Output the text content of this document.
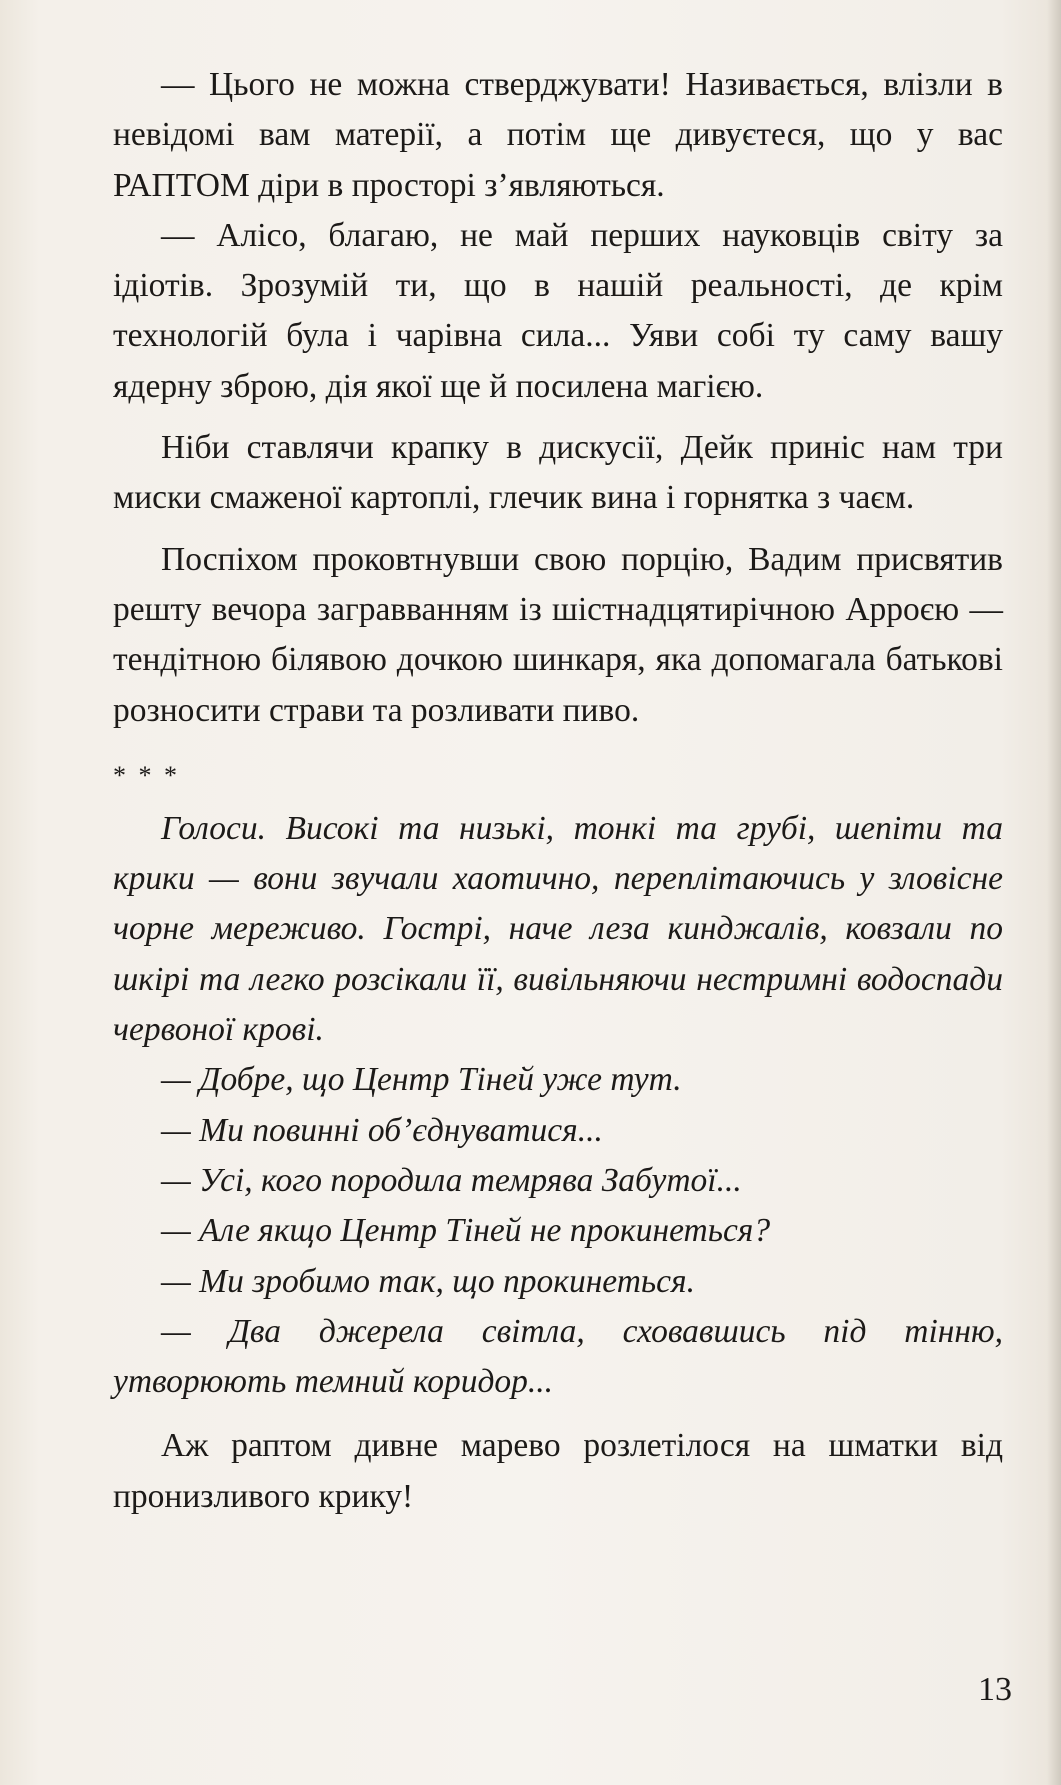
— Цього не можна стверджувати! Називається, влізли в невідомі вам матерії, а потім ще дивуєтеся, що у вас РАПТОМ діри в просторі з’являються.

— Алісо, благаю, не май перших науковців світу за ідіотів. Зрозумій ти, що в нашій реальності, де крім технологій була і чарівна сила... Уяви собі ту саму вашу ядерну зброю, дія якої ще й посилена магією.

Ніби ставлячи крапку в дискусії, Дейк приніс нам три миски смаженої картоплі, глечик вина і горнятка з чаєм.

Поспіхом проковтнувши свою порцію, Вадим присвятив решту вечора загравванням із шістнадцятирічною Арроєю — тендітною білявою дочкою шинкаря, яка допомагала батькові розносити страви та розливати пиво.

* * *

Голоси. Високі та низькі, тонкі та грубі, шепіти та крики — вони звучали хаотично, переплітаючись у зловісне чорне мереживо. Гострі, наче леза кинджалів, ковзали по шкірі та легко розсікали її, вивільняючи нестримні водоспади червоної крові.

— Добре, що Центр Тіней уже тут.

— Ми повинні об’єднуватися...

— Усі, кого породила темрява Забутої...

— Але якщо Центр Тіней не прокинеться?

— Ми зробимо так, що прокинеться.

— Два джерела світла, сховавшись під тінню, утворюють темний коридор...

Аж раптом дивне марево розлетілося на шматки від пронизливого крику!

13
